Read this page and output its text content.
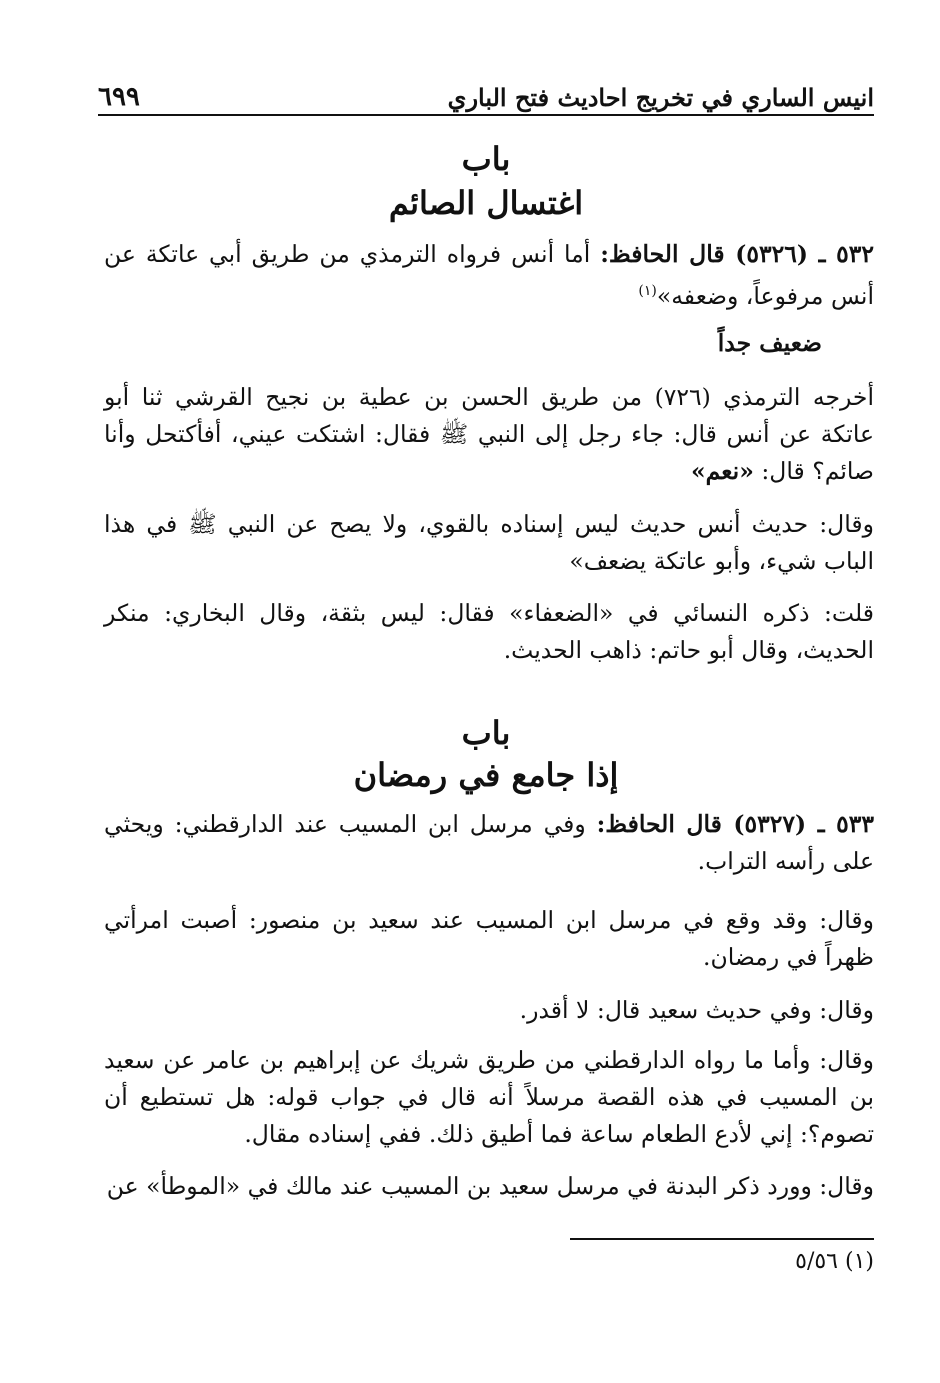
انيس الساري في تخريج احاديث فتح الباري
٦٩٩
باب
اغتسال الصائم
٥٣٢ ـ (٥٣٢٦) قال الحافظ: أما أنس فرواه الترمذي من طريق أبي عاتكة عن أنس مرفوعاً، وضعفه»$^{(١)}$
ضعيف جداً
أخرجه الترمذي (٧٢٦) من طريق الحسن بن عطية بن نجيح القرشي ثنا أبو عاتكة عن أنس قال: جاء رجل إلى النبي ﷺ فقال: اشتكت عيني، أفأكتحل وأنا صائم؟ قال: «نعم»
وقال: حديث أنس حديث ليس إسناده بالقوي، ولا يصح عن النبي ﷺ في هذا الباب شيء، وأبو عاتكة يضعف»
قلت: ذكره النسائي في «الضعفاء» فقال: ليس بثقة، وقال البخاري: منكر الحديث، وقال أبو حاتم: ذاهب الحديث.
باب
إذا جامع في رمضان
٥٣٣ ـ (٥٣٢٧) قال الحافظ: وفي مرسل ابن المسيب عند الدارقطني: ويحثي على رأسه التراب.
وقال: وقد وقع في مرسل ابن المسيب عند سعيد بن منصور: أصبت امرأتي ظهراً في رمضان.
وقال: وفي حديث سعيد قال: لا أقدر.
وقال: وأما ما رواه الدارقطني من طريق شريك عن إبراهيم بن عامر عن سعيد بن المسيب في هذه القصة مرسلاً أنه قال في جواب قوله: هل تستطيع أن تصوم؟: إني لأدع الطعام ساعة فما أطيق ذلك. ففي إسناده مقال.
وقال: وورد ذكر البدنة في مرسل سعيد بن المسيب عند مالك في «الموطأ» عن
(١) ٥/٥٦
